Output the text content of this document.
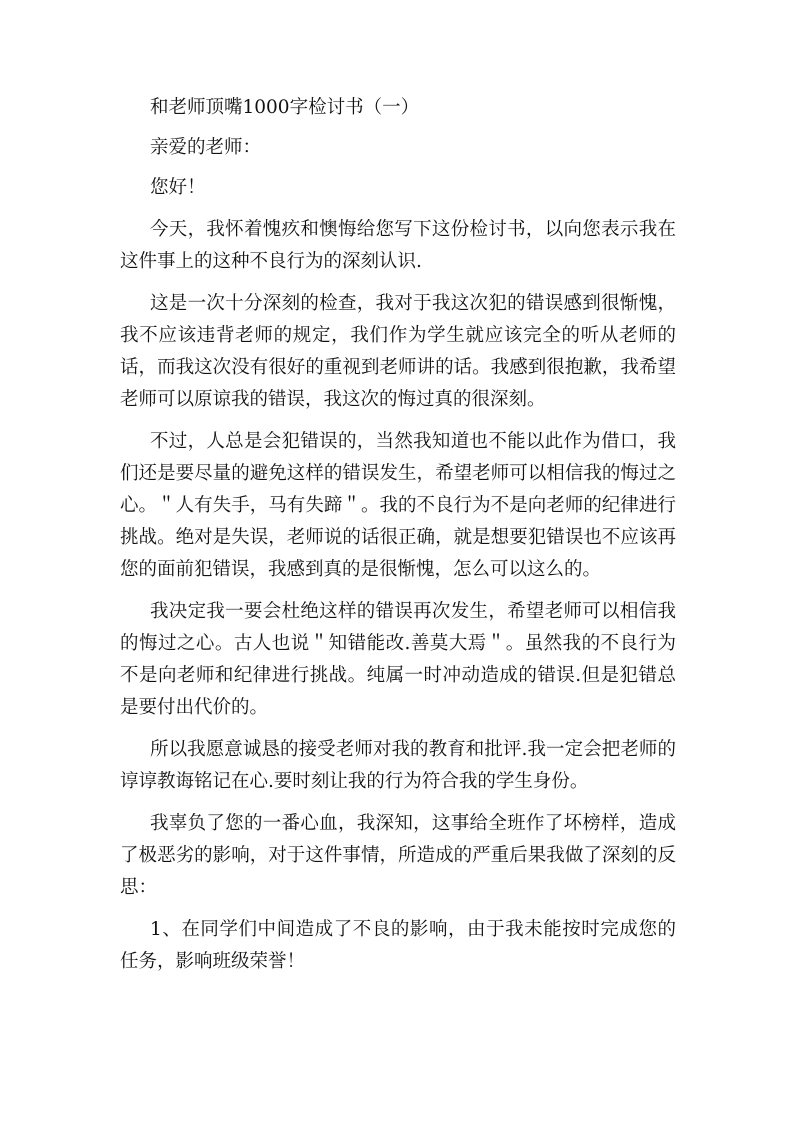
和老师顶嘴1000字检讨书（一）

亲爱的老师：

您好！

今天，我怀着愧疚和懊悔给您写下这份检讨书，以向您表示我在这件事上的这种不良行为的深刻认识.

这是一次十分深刻的检查，我对于我这次犯的错误感到很惭愧，我不应该违背老师的规定，我们作为学生就应该完全的听从老师的话，而我这次没有很好的重视到老师讲的话。我感到很抱歉，我希望老师可以原谅我的错误，我这次的悔过真的很深刻。

不过，人总是会犯错误的，当然我知道也不能以此作为借口，我们还是要尽量的避免这样的错误发生，希望老师可以相信我的悔过之心。＂人有失手，马有失蹄＂。我的不良行为不是向老师的纪律进行挑战。绝对是失误，老师说的话很正确，就是想要犯错误也不应该再您的面前犯错误，我感到真的是很惭愧，怎么可以这么的。

我决定我一要会杜绝这样的错误再次发生，希望老师可以相信我的悔过之心。古人也说＂知错能改.善莫大焉＂。虽然我的不良行为不是向老师和纪律进行挑战。纯属一时冲动造成的错误.但是犯错总是要付出代价的。

所以我愿意诚恳的接受老师对我的教育和批评.我一定会把老师的谆谆教诲铭记在心.要时刻让我的行为符合我的学生身份。

我辜负了您的一番心血，我深知，这事给全班作了坏榜样，造成了极恶劣的影响，对于这件事情，所造成的严重后果我做了深刻的反思：

1、在同学们中间造成了不良的影响，由于我未能按时完成您的任务，影响班级荣誉！
